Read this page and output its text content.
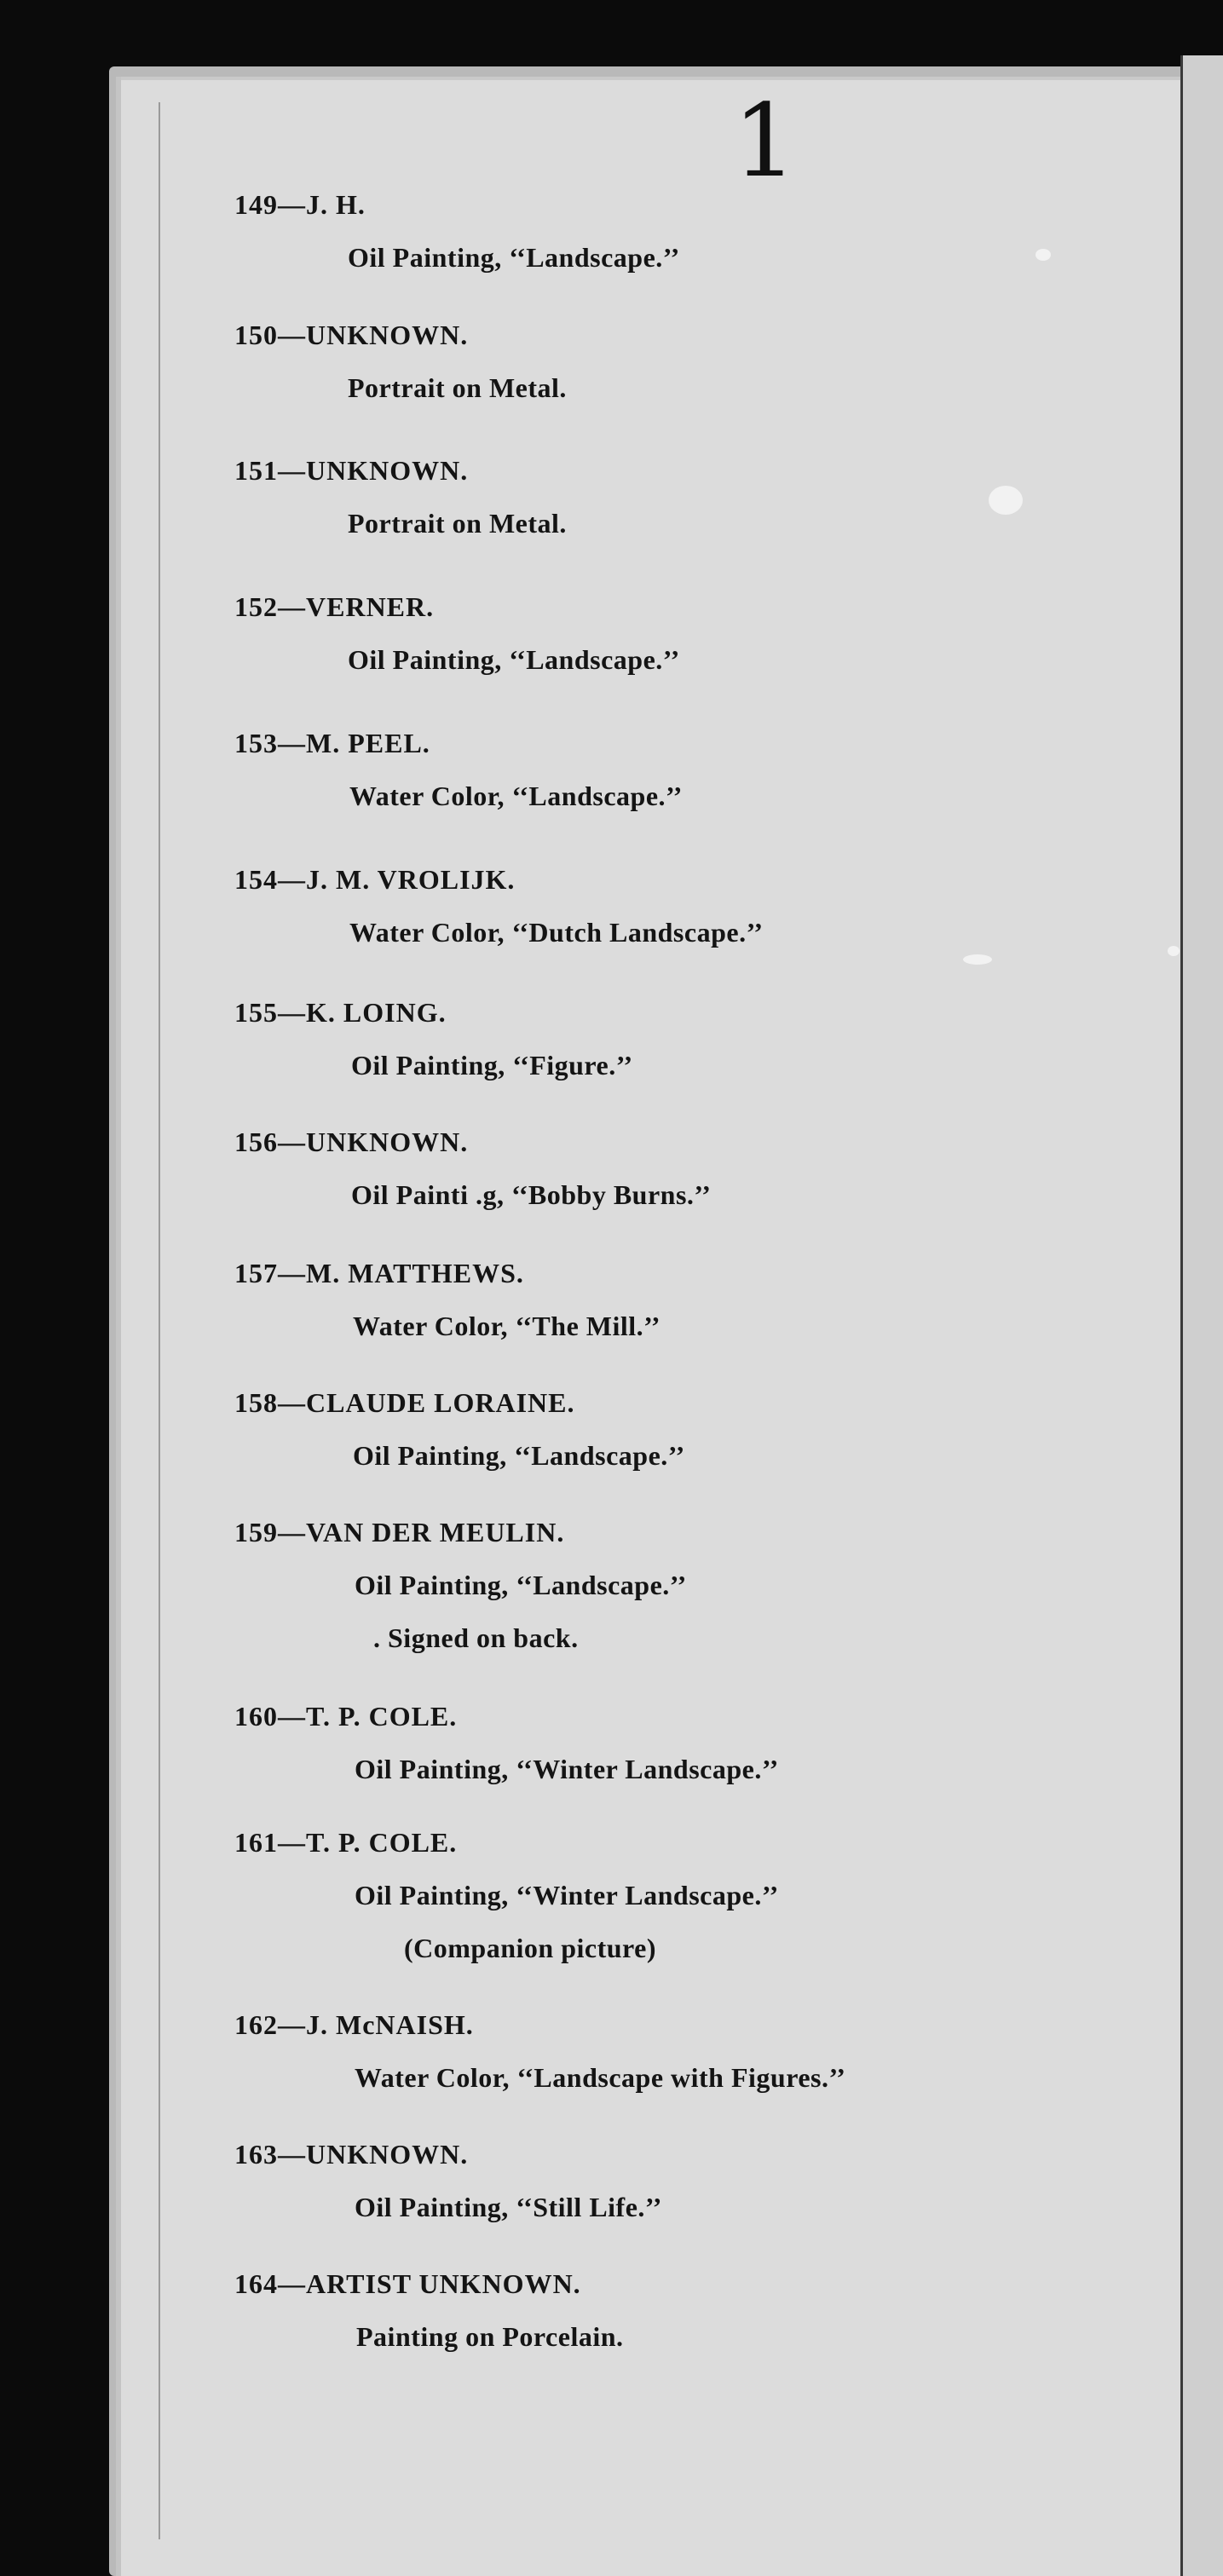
1
149—J. H.
Oil Painting, ‘‘Landscape.’’
150—UNKNOWN.
Portrait on Metal.
151—UNKNOWN.
Portrait on Metal.
152—VERNER.
Oil Painting, ‘‘Landscape.’’
153—M. PEEL.
Water Color, ‘‘Landscape.’’
154—J. M. VROLIJK.
Water Color, ‘‘Dutch Landscape.’’
155—K. LOING.
Oil Painting, ‘‘Figure.’’
156—UNKNOWN.
Oil Painti .g, ‘‘Bobby Burns.’’
157—M. MATTHEWS.
Water Color, ‘‘The Mill.’’
158—CLAUDE LORAINE.
Oil Painting, ‘‘Landscape.’’
159—VAN DER MEULIN.
Oil Painting, ‘‘Landscape.’’
. Signed on back.
160—T. P. COLE.
Oil Painting, ‘‘Winter Landscape.’’
161—T. P. COLE.
Oil Painting, ‘‘Winter Landscape.’’
(Companion picture)
162—J. McNAISH.
Water Color, ‘‘Landscape with Figures.’’
163—UNKNOWN.
Oil Painting, ‘‘Still Life.’’
164—ARTIST UNKNOWN.
Painting on Porcelain.
